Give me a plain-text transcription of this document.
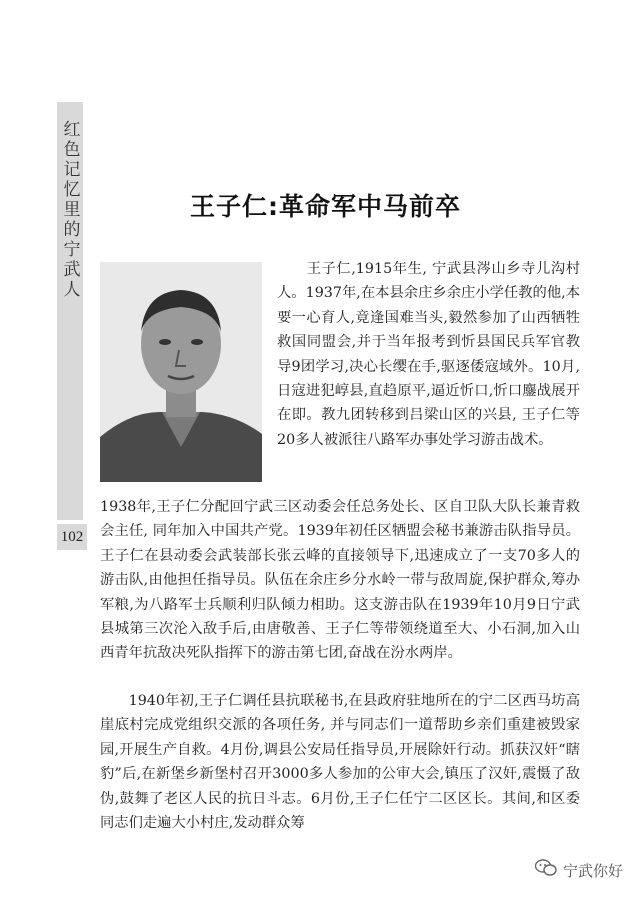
红色记忆里的宁武人
102
王子仁:革命军中马前卒
　　王子仁,1915年生, 宁武县涔山乡寺儿沟村人。1937年,在本县余庄乡余庄小学任教的他,本要一心育人,竟逢国难当头,毅然参加了山西牺牲救国同盟会,并于当年报考到忻县国民兵军官教导9团学习,决心长缨在手,驱逐倭寇域外。10月,日寇进犯崞县,直趋原平,逼近忻口,忻口鏖战展开在即。教九团转移到吕梁山区的兴县, 王子仁等20多人被派往八路军办事处学习游击战术。

1938年,王子仁分配回宁武三区动委会任总务处长、区自卫队大队长兼青救会主任, 同年加入中国共产党。1939年初任区牺盟会秘书兼游击队指导员。王子仁在县动委会武装部长张云峰的直接领导下,迅速成立了一支70多人的游击队,由他担任指导员。队伍在余庄乡分水岭一带与敌周旋,保护群众,筹办军粮,为八路军士兵顺利归队倾力相助。这支游击队在1939年10月9日宁武县城第三次沦入敌手后,由唐敬善、王子仁等带领绕道至大、小石洞,加入山西青年抗敌决死队指挥下的游击第七团,奋战在汾水两岸。

1940年初,王子仁调任县抗联秘书,在县政府驻地所在的宁二区西马坊高崖底村完成党组织交派的各项任务, 并与同志们一道帮助乡亲们重建被毁家园,开展生产自救。4月份,调县公安局任指导员,开展除奸行动。抓获汉奸“瞎豹”后,在新堡乡新堡村召开3000多人参加的公审大会,镇压了汉奸,震慑了敌伪,鼓舞了老区人民的抗日斗志。6月份,王子仁任宁二区区长。其间,和区委同志们走遍大小村庄,发动群众筹

宁武你好
